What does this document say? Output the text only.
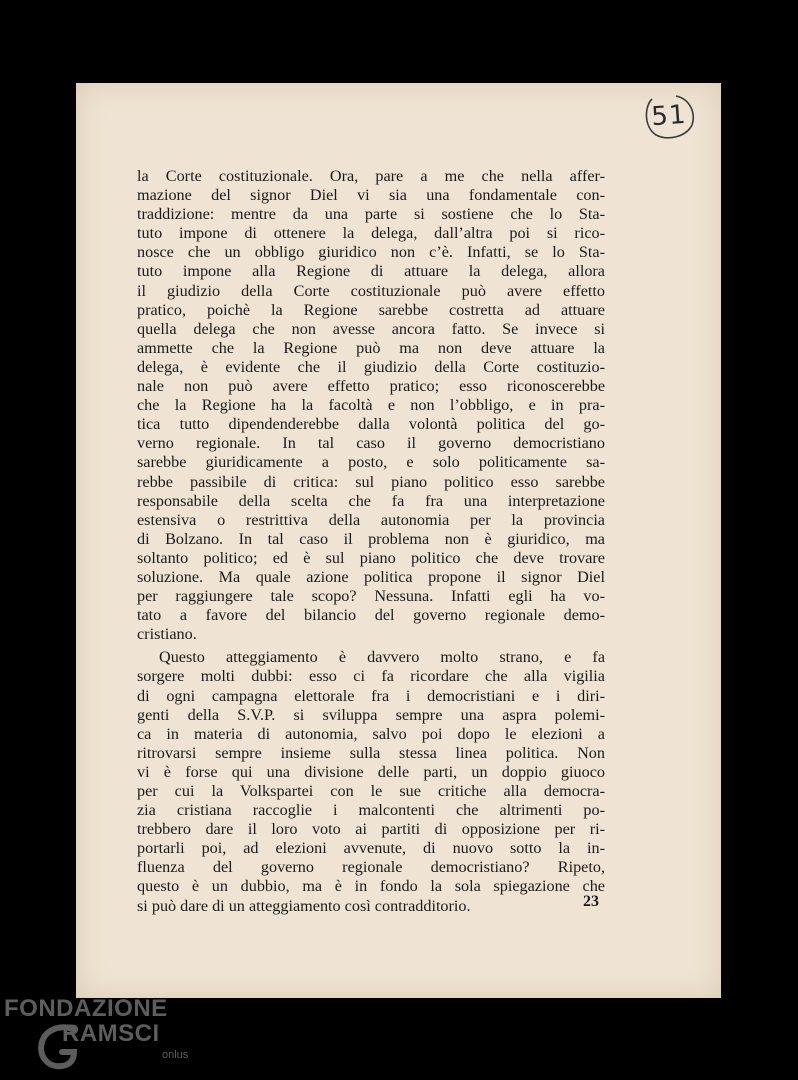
51
la Corte costituzionale. Ora, pare a me che nella affer-
mazione del signor Diel vi sia una fondamentale con-
traddizione: mentre da una parte si sostiene che lo Sta-
tuto impone di ottenere la delega, dall’altra poi si rico-
nosce che un obbligo giuridico non c’è. Infatti, se lo Sta-
tuto impone alla Regione di attuare la delega, allora
il giudizio della Corte costituzionale può avere effetto
pratico, poichè la Regione sarebbe costretta ad attuare
quella delega che non avesse ancora fatto. Se invece si
ammette che la Regione può ma non deve attuare la
delega, è evidente che il giudizio della Corte costituzio-
nale non può avere effetto pratico; esso riconoscerebbe
che la Regione ha la facoltà e non l’obbligo, e in pra-
tica tutto dipendenderebbe dalla volontà politica del go-
verno regionale. In tal caso il governo democristiano
sarebbe giuridicamente a posto, e solo politicamente sa-
rebbe passibile di critica: sul piano politico esso sarebbe
responsabile della scelta che fa fra una interpretazione
estensiva o restrittiva della autonomia per la provincia
di Bolzano. In tal caso il problema non è giuridico, ma
soltanto politico; ed è sul piano politico che deve trovare
soluzione. Ma quale azione politica propone il signor Diel
per raggiungere tale scopo? Nessuna. Infatti egli ha vo-
tato a favore del bilancio del governo regionale demo-
cristiano.
Questo atteggiamento è davvero molto strano, e fa
sorgere molti dubbi: esso ci fa ricordare che alla vigilia
di ogni campagna elettorale fra i democristiani e i diri-
genti della S.V.P. si sviluppa sempre una aspra polemi-
ca in materia di autonomia, salvo poi dopo le elezioni a
ritrovarsi sempre insieme sulla stessa linea politica. Non
vi è forse qui una divisione delle parti, un doppio giuoco
per cui la Volkspartei con le sue critiche alla democra-
zia cristiana raccoglie i malcontenti che altrimenti po-
trebbero dare il loro voto ai partiti di opposizione per ri-
portarli poi, ad elezioni avvenute, di nuovo sotto la in-
fluenza del governo regionale democristiano? Ripeto,
questo è un dubbio, ma è in fondo la sola spiegazione che
si può dare di un atteggiamento così contradditorio.	23
FONDAZIONE
RAMSCI
onlus
